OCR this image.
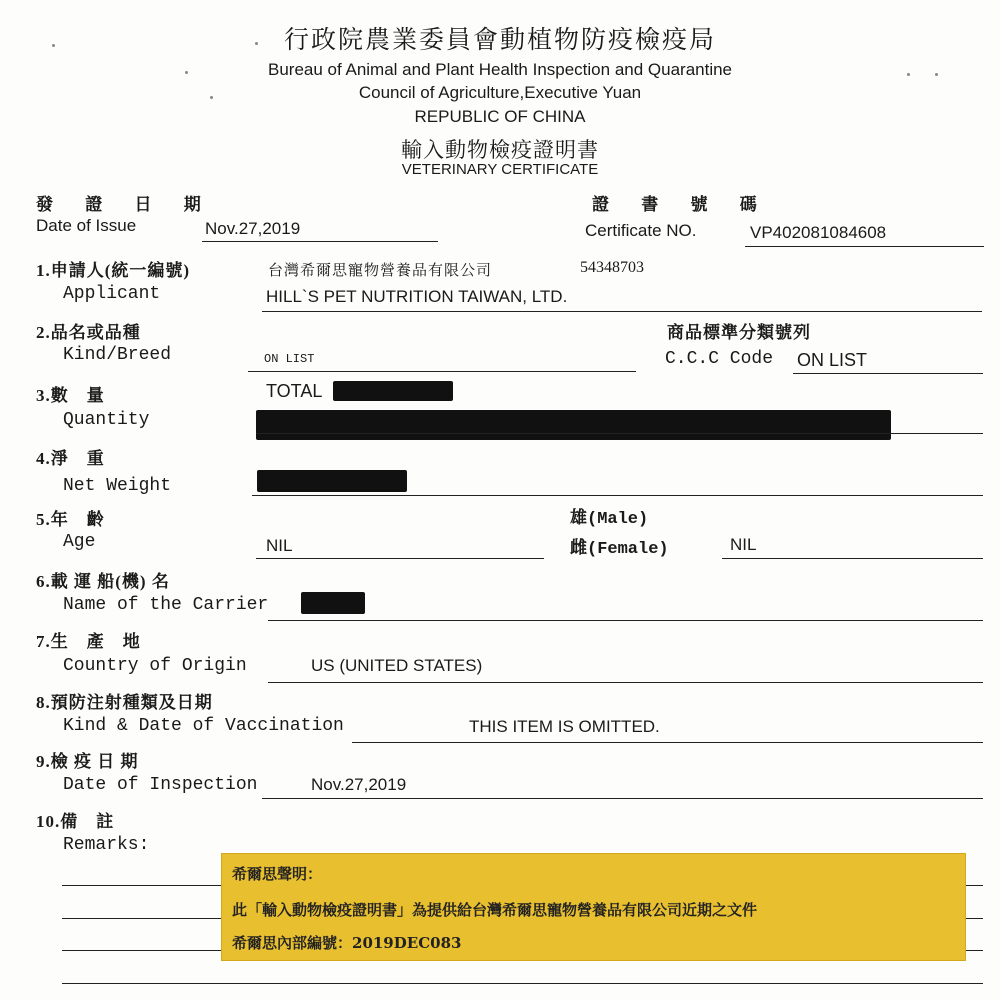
行政院農業委員會動植物防疫檢疫局
Bureau of Animal and Plant Health Inspection and Quarantine
Council of Agriculture,Executive Yuan
REPUBLIC OF CHINA
輸入動物檢疫證明書
VETERINARY CERTIFICATE
發 證 日 期
Date of Issue	Nov.27,2019
證 書 號 碼
Certificate NO.	VP402081084608
1.申請人(統一編號)
Applicant
台灣希爾思寵物營養品有限公司	54348703
HILL`S PET NUTRITION TAIWAN, LTD.
2.品名或品種
Kind/Breed	ON LIST
商品標準分類號列
C.C.C Code ON LIST
3.數　量
Quantity
TOTAL
4.淨　重
Net Weight
5.年　齡
Age	NIL
雄(Male)
雌(Female)	NIL
6.載 運 船(機) 名
Name of the Carrier
7.生　產　地
Country of Origin	US (UNITED STATES)
8.預防注射種類及日期
Kind & Date of Vaccination	THIS ITEM IS OMITTED.
9.檢 疫 日 期
Date of Inspection	Nov.27,2019
10.備　註
Remarks:
希爾思聲明：
此「輸入動物檢疫證明書」為提供給台灣希爾思寵物營養品有限公司近期之文件
希爾思內部編號：2019DEC083
